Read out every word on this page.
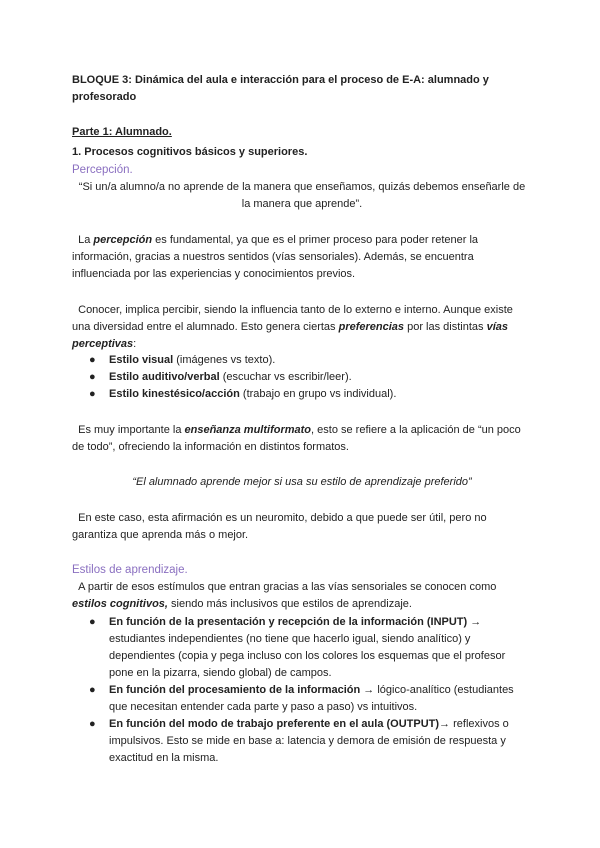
BLOQUE 3: Dinámica del aula e interacción para el proceso de E-A: alumnado y
profesorado
Parte 1: Alumnado.
1. Procesos cognitivos básicos y superiores.
Percepción.
“Si un/a alumno/a no aprende de la manera que enseñamos, quizás debemos enseñarle de
la manera que aprende”.
La percepción es fundamental, ya que es el primer proceso para poder retener la
información, gracias a nuestros sentidos (vías sensoriales). Además, se encuentra
influenciada por las experiencias y conocimientos previos.
Conocer, implica percibir, siendo la influencia tanto de lo externo e interno. Aunque existe
una diversidad entre el alumnado. Esto genera ciertas preferencias por las distintas vías
perceptivas:
● Estilo visual (imágenes vs texto).
● Estilo auditivo/verbal (escuchar vs escribir/leer).
● Estilo kinestésico/acción (trabajo en grupo vs individual).
Es muy importante la enseñanza multiformato, esto se refiere a la aplicación de “un poco
de todo”, ofreciendo la información en distintos formatos.
“El alumnado aprende mejor si usa su estilo de aprendizaje preferido”
En este caso, esta afirmación es un neuromito, debido a que puede ser útil, pero no
garantiza que aprenda más o mejor.
Estilos de aprendizaje.
A partir de esos estímulos que entran gracias a las vías sensoriales se conocen como
estilos cognitivos, siendo más inclusivos que estilos de aprendizaje.
● En función de la presentación y recepción de la información (INPUT) →
estudiantes independientes (no tiene que hacerlo igual, siendo analítico) y
dependientes (copia y pega incluso con los colores los esquemas que el profesor
pone en la pizarra, siendo global) de campos.
● En función del procesamiento de la información → lógico-analítico (estudiantes
que necesitan entender cada parte y paso a paso) vs intuitivos.
● En función del modo de trabajo preferente en el aula (OUTPUT)→ reflexivos o
impulsivos. Esto se mide en base a: latencia y demora de emisión de respuesta y
exactitud en la misma.
